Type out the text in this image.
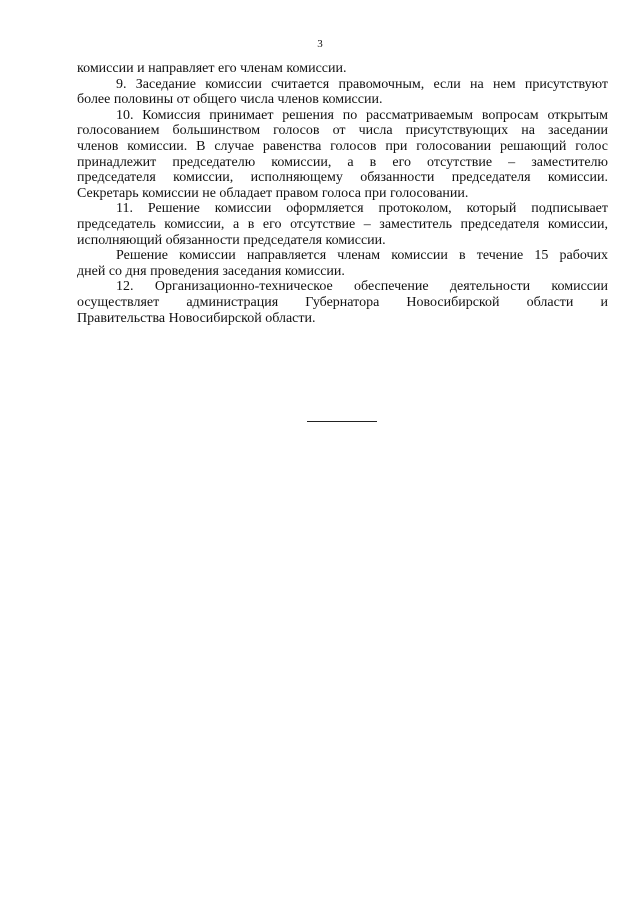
3
комиссии и направляет его членам комиссии.
9. Заседание комиссии считается правомочным, если на нем присутствуют
более половины от общего числа членов комиссии.
10. Комиссия принимает решения по рассматриваемым вопросам открытым
голосованием большинством голосов от числа присутствующих на заседании
членов комиссии. В случае равенства голосов при голосовании решающий голос
принадлежит председателю комиссии, а в его отсутствие – заместителю
председателя комиссии, исполняющему обязанности председателя комиссии.
Секретарь комиссии не обладает правом голоса при голосовании.
11. Решение комиссии оформляется протоколом, который подписывает
председатель комиссии, а в его отсутствие – заместитель председателя комиссии,
исполняющий обязанности председателя комиссии.
Решение комиссии направляется членам комиссии в течение 15 рабочих
дней со дня проведения заседания комиссии.
12. Организационно-техническое обеспечение деятельности комиссии
осуществляет администрация Губернатора Новосибирской области и
Правительства Новосибирской области.
